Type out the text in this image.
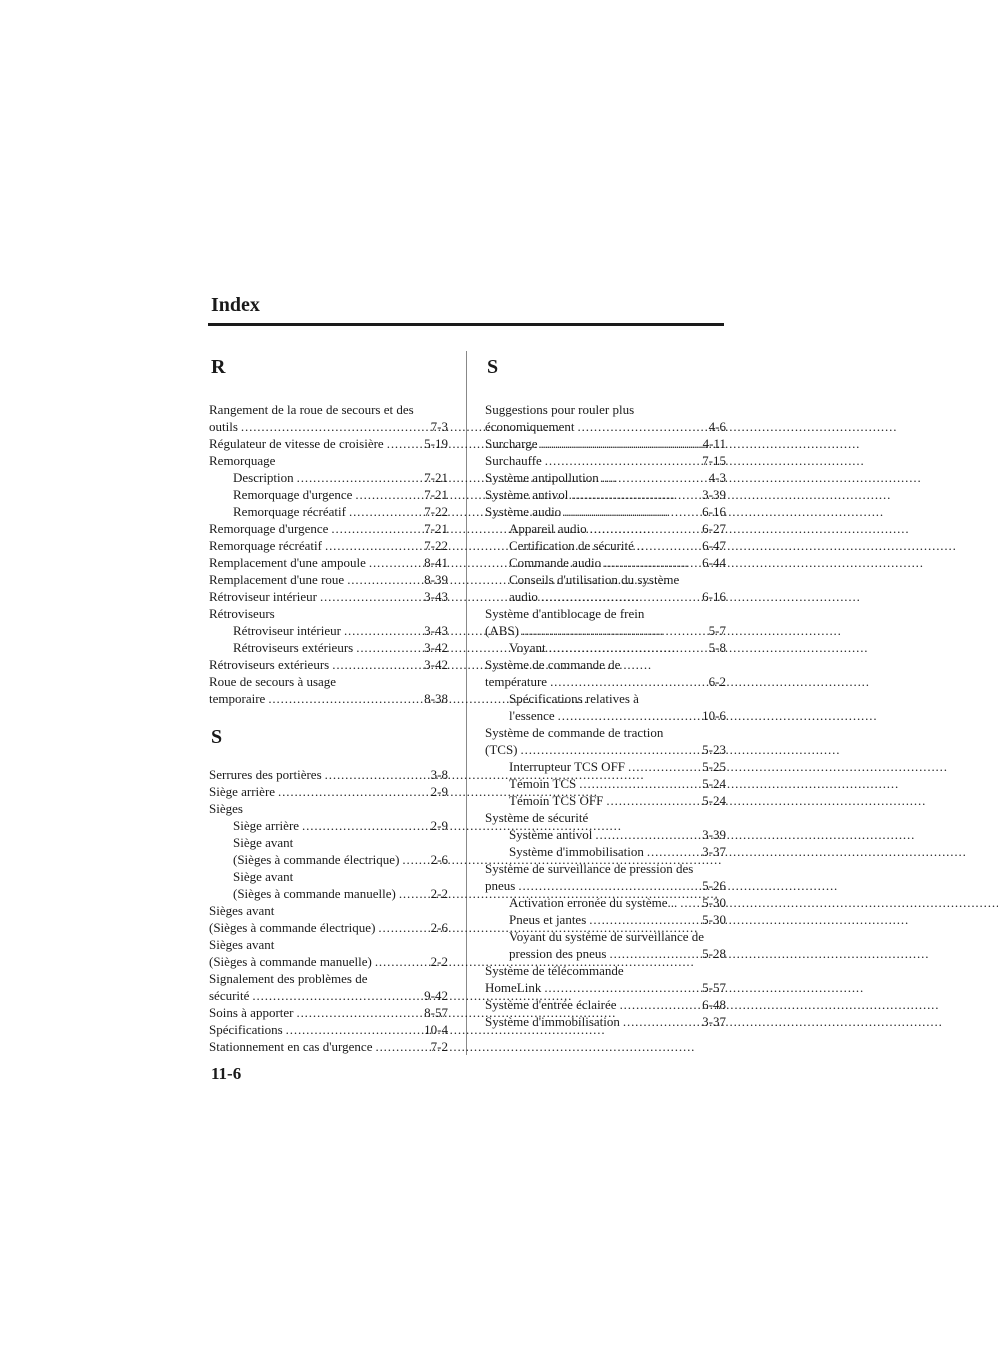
Index
R
Rangement de la roue de secours et des
outils . . .	7-3
Régulateur de vitesse de croisière . . .	5-19
Remorquage
Description . . .	7-21
Remorquage d'urgence . . .	7-21
Remorquage récréatif . . .	7-22
Remorquage d'urgence . . .	7-21
Remorquage récréatif . . .	7-22
Remplacement d'une ampoule . . .	8-41
Remplacement d'une roue . . .	8-39
Rétroviseur intérieur . . .	3-43
Rétroviseurs
Rétroviseur intérieur . . .	3-43
Rétroviseurs extérieurs . . .	3-42
Rétroviseurs extérieurs . . .	3-42
Roue de secours à usage
temporaire . . .	8-38
S
Serrures des portières . . .	3-8
Siège arrière . . .	2-9
Sièges
Siège arrière . . .	2-9
Siège avant
(Sièges à commande électrique) . . . 2-6
Siège avant
(Sièges à commande manuelle) . . .	2-2
Sièges avant
(Sièges à commande électrique) . . .	2-6
Sièges avant
(Sièges à commande manuelle) . . .	2-2
Signalement des problèmes de
sécurité . . .	9-42
Soins à apporter . . .	8-57
Spécifications . . .	10-4
Stationnement en cas d'urgence . . .	7-2
S
Suggestions pour rouler plus
économiquement . . .	4-6
Surcharge . . .	4-11
Surchauffe . . .	7-15
Système antipollution . . .	4-3
Système antivol . . .	3-39
Système audio . . .	6-16
Appareil audio . . .	6-27
Certification de sécurité . . .	6-47
Commande audio . . .	6-44
Conseils d'utilisation du système
audio . . .	6-16
Système d'antiblocage de frein
(ABS) . . .	5-7
Voyant . . .	5-8
Système de commande de
température . . .	6-2
Spécifications relatives à
l'essence . . .	10-6
Système de commande de traction
(TCS) . . .	5-23
Interrupteur TCS OFF . . .	5-25
Témoin TCS . . .	5-24
Témoin TCS OFF . . .	5-24
Système de sécurité
Système antivol . . .	3-39
Système d'immobilisation . . .	3-37
Système de surveillance de pression des
pneus . . .	5-26
Activation erronée du système... . . . 5-30
Pneus et jantes . . .	5-30
Voyant du système de surveillance de
pression des pneus . . .	5-28
Système de télécommande
HomeLink . . .	5-57
Système d'entrée éclairée . . .	6-48
Système d'immobilisation . . .	3-37
11-6
